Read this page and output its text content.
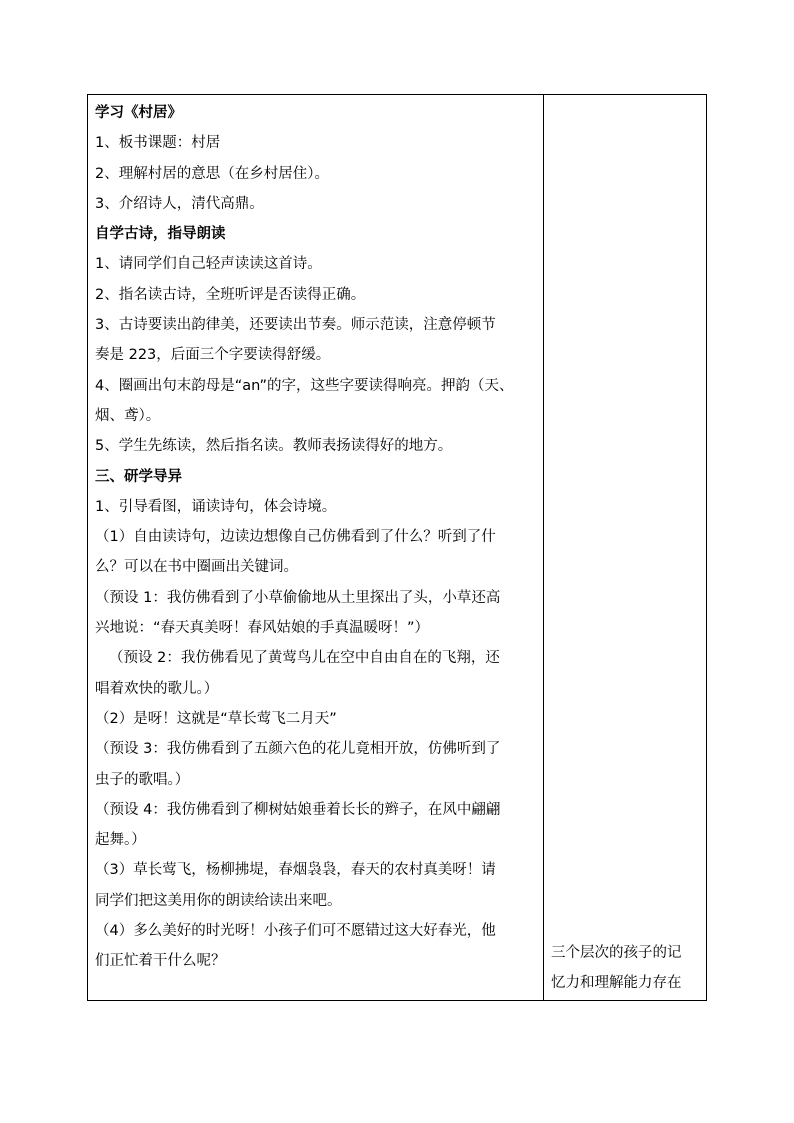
学习《村居》
1、板书课题：村居
2、理解村居的意思（在乡村居住）。
3、介绍诗人，清代高鼎。
自学古诗，指导朗读
1、请同学们自己轻声读读这首诗。
2、指名读古诗，全班听评是否读得正确。
3、古诗要读出韵律美，还要读出节奏。师示范读，注意停顿节
奏是 223，后面三个字要读得舒缓。
4、圈画出句末韵母是“an”的字，这些字要读得响亮。押韵（天、
烟、鸢）。
5、学生先练读，然后指名读。教师表扬读得好的地方。
三、研学导异
1、引导看图，诵读诗句，体会诗境。
（1）自由读诗句，边读边想像自己仿佛看到了什么？听到了什
么？可以在书中圈画出关键词。
（预设 1：我仿佛看到了小草偷偷地从土里探出了头，小草还高
兴地说：“春天真美呀！春风姑娘的手真温暖呀！”）
（预设 2：我仿佛看见了黄莺鸟儿在空中自由自在的飞翔，还
唱着欢快的歌儿。）
（2）是呀！这就是“草长莺飞二月天”
（预设 3：我仿佛看到了五颜六色的花儿竟相开放，仿佛听到了
虫子的歌唱。）
（预设 4：我仿佛看到了柳树姑娘垂着长长的辫子，在风中翩翩
起舞。）
（3）草长莺飞，杨柳拂堤，春烟袅袅，春天的农村真美呀！请
同学们把这美用你的朗读给读出来吧。
（4）多么美好的时光呀！小孩子们可不愿错过这大好春光，他
们正忙着干什么呢？
三个层次的孩子的记
忆力和理解能力存在
